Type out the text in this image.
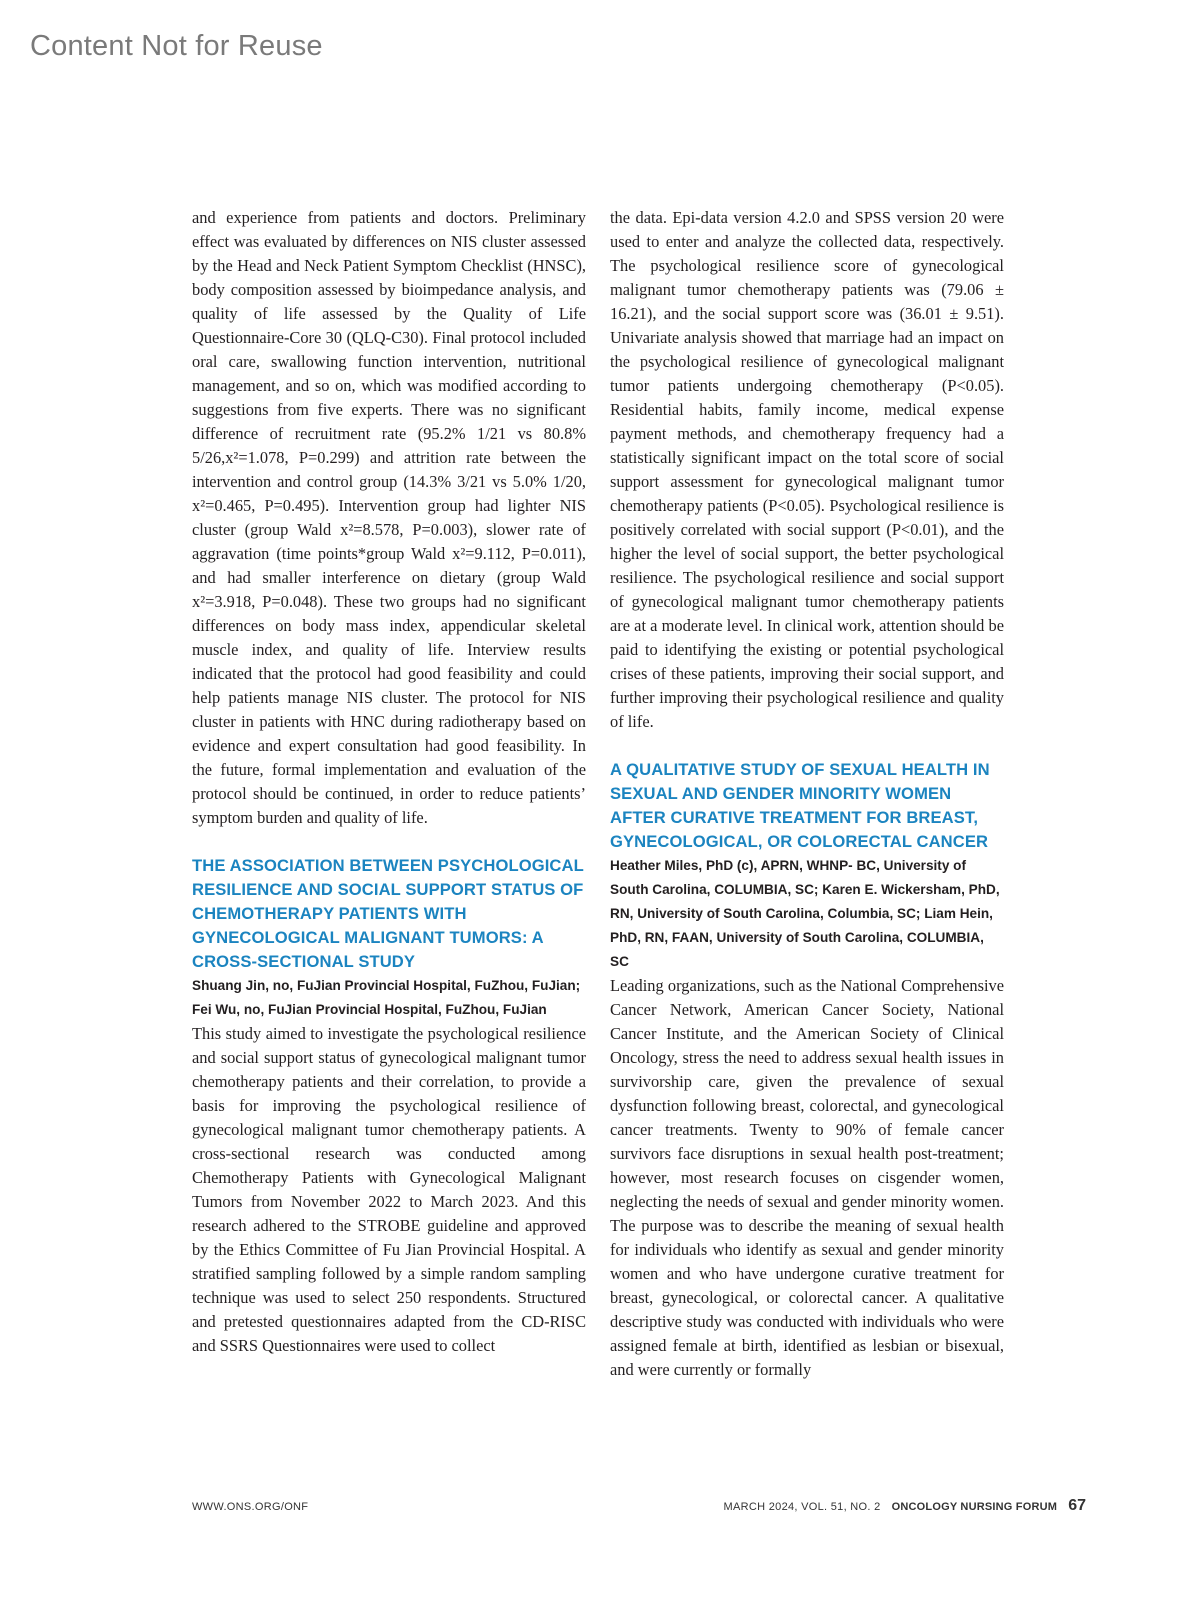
Content Not for Reuse

and experience from patients and doctors. Preliminary effect was evaluated by differences on NIS cluster assessed by the Head and Neck Patient Symptom Checklist (HNSC), body composition assessed by bioimpedance analysis, and quality of life assessed by the Quality of Life Questionnaire-Core 30 (QLQ-C30). Final protocol included oral care, swallowing function intervention, nutritional management, and so on, which was modified according to suggestions from five experts. There was no significant difference of recruitment rate (95.2% 1/21 vs 80.8% 5/26,x²=1.078, P=0.299) and attrition rate between the intervention and control group (14.3% 3/21 vs 5.0% 1/20, x²=0.465, P=0.495). Intervention group had lighter NIS cluster (group Wald x²=8.578, P=0.003), slower rate of aggravation (time points*group Wald x²=9.112, P=0.011), and had smaller interference on dietary (group Wald x²=3.918, P=0.048). These two groups had no significant differences on body mass index, appendicular skeletal muscle index, and quality of life. Interview results indicated that the protocol had good feasibility and could help patients manage NIS cluster. The protocol for NIS cluster in patients with HNC during radiotherapy based on evidence and expert consultation had good feasibility. In the future, formal implementation and evaluation of the protocol should be continued, in order to reduce patients’ symptom burden and quality of life.

THE ASSOCIATION BETWEEN PSYCHOLOGICAL RESILIENCE AND SOCIAL SUPPORT STATUS OF CHEMOTHERAPY PATIENTS WITH GYNECOLOGICAL MALIGNANT TUMORS: A CROSS-SECTIONAL STUDY

Shuang Jin, no, FuJian Provincial Hospital, FuZhou, FuJian; Fei Wu, no, FuJian Provincial Hospital, FuZhou, FuJian

This study aimed to investigate the psychological resilience and social support status of gynecological malignant tumor chemotherapy patients and their correlation, to provide a basis for improving the psychological resilience of gynecological malignant tumor chemotherapy patients. A cross-sectional research was conducted among Chemotherapy Patients with Gynecological Malignant Tumors from November 2022 to March 2023. And this research adhered to the STROBE guideline and approved by the Ethics Committee of Fu Jian Provincial Hospital. A stratified sampling followed by a simple random sampling technique was used to select 250 respondents. Structured and pretested questionnaires adapted from the CD-RISC and SSRS Questionnaires were used to collect

the data. Epi-data version 4.2.0 and SPSS version 20 were used to enter and analyze the collected data, respectively. The psychological resilience score of gynecological malignant tumor chemotherapy patients was (79.06 ± 16.21), and the social support score was (36.01 ± 9.51). Univariate analysis showed that marriage had an impact on the psychological resilience of gynecological malignant tumor patients undergoing chemotherapy (P<0.05). Residential habits, family income, medical expense payment methods, and chemotherapy frequency had a statistically significant impact on the total score of social support assessment for gynecological malignant tumor chemotherapy patients (P<0.05). Psychological resilience is positively correlated with social support (P<0.01), and the higher the level of social support, the better psychological resilience. The psychological resilience and social support of gynecological malignant tumor chemotherapy patients are at a moderate level. In clinical work, attention should be paid to identifying the existing or potential psychological crises of these patients, improving their social support, and further improving their psychological resilience and quality of life.

A QUALITATIVE STUDY OF SEXUAL HEALTH IN SEXUAL AND GENDER MINORITY WOMEN AFTER CURATIVE TREATMENT FOR BREAST, GYNECOLOGICAL, OR COLORECTAL CANCER

Heather Miles, PhD (c), APRN, WHNP- BC, University of South Carolina, COLUMBIA, SC; Karen E. Wickersham, PhD, RN, University of South Carolina, Columbia, SC; Liam Hein, PhD, RN, FAAN, University of South Carolina, COLUMBIA, SC

Leading organizations, such as the National Comprehensive Cancer Network, American Cancer Society, National Cancer Institute, and the American Society of Clinical Oncology, stress the need to address sexual health issues in survivorship care, given the prevalence of sexual dysfunction following breast, colorectal, and gynecological cancer treatments. Twenty to 90% of female cancer survivors face disruptions in sexual health post-treatment; however, most research focuses on cisgender women, neglecting the needs of sexual and gender minority women. The purpose was to describe the meaning of sexual health for individuals who identify as sexual and gender minority women and who have undergone curative treatment for breast, gynecological, or colorectal cancer. A qualitative descriptive study was conducted with individuals who were assigned female at birth, identified as lesbian or bisexual, and were currently or formally

WWW.ONS.ORG/ONF	MARCH 2024, VOL. 51, NO. 2 ONCOLOGY NURSING FORUM 67
